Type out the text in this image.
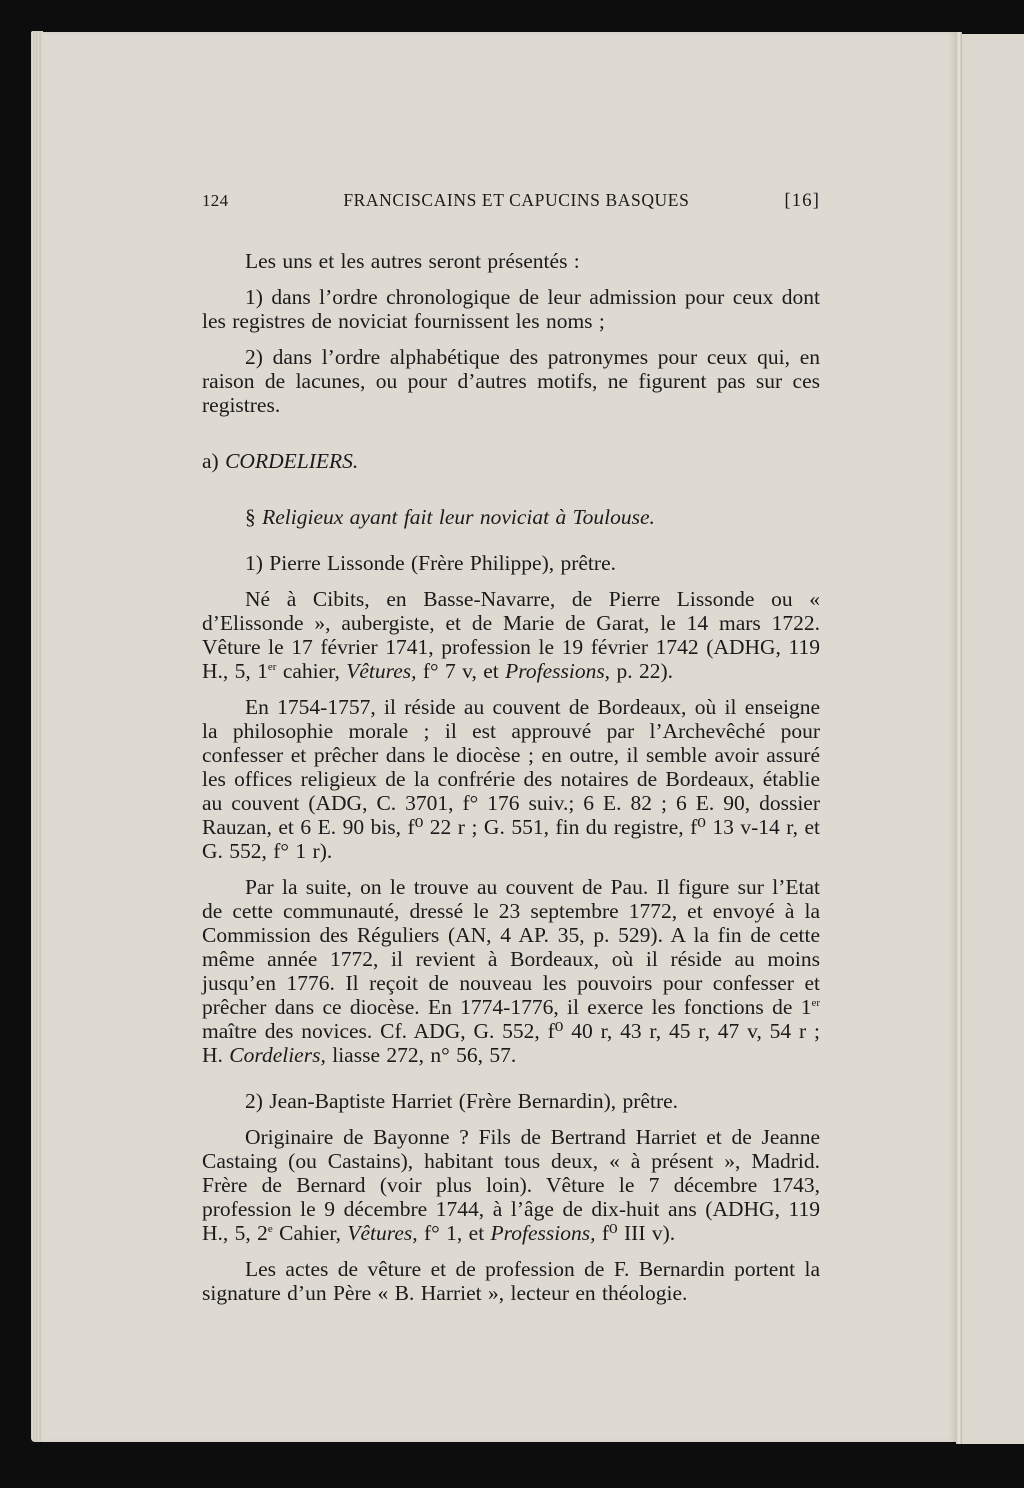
124	FRANCISCAINS ET CAPUCINS BASQUES	[16]

Les uns et les autres seront présentés :

1) dans l’ordre chronologique de leur admission pour ceux dont les registres de noviciat fournissent les noms ;

2) dans l’ordre alphabétique des patronymes pour ceux qui, en raison de lacunes, ou pour d’autres motifs, ne figurent pas sur ces registres.

a) CORDELIERS.

§ Religieux ayant fait leur noviciat à Toulouse.

1) Pierre Lissonde (Frère Philippe), prêtre.

Né à Cibits, en Basse-Navarre, de Pierre Lissonde ou « d’Elissonde », aubergiste, et de Marie de Garat, le 14 mars 1722. Vêture le 17 février 1741, profession le 19 février 1742 (ADHG, 119 H., 5, 1er cahier, Vêtures, f° 7 v, et Professions, p. 22).

En 1754-1757, il réside au couvent de Bordeaux, où il enseigne la philosophie morale ; il est approuvé par l’Archevêché pour confesser et prêcher dans le diocèse ; en outre, il semble avoir assuré les offices religieux de la confrérie des notaires de Bordeaux, établie au couvent (ADG, C. 3701, f° 176 suiv.; 6 E. 82 ; 6 E. 90, dossier Rauzan, et 6 E. 90 bis, f⁰ 22 r ; G. 551, fin du registre, f⁰ 13 v-14 r, et G. 552, f° 1 r).

Par la suite, on le trouve au couvent de Pau. Il figure sur l’Etat de cette communauté, dressé le 23 septembre 1772, et envoyé à la Commission des Réguliers (AN, 4 AP. 35, p. 529). A la fin de cette même année 1772, il revient à Bordeaux, où il réside au moins jusqu’en 1776. Il reçoit de nouveau les pouvoirs pour confesser et prêcher dans ce diocèse. En 1774-1776, il exerce les fonctions de 1er maître des novices. Cf. ADG, G. 552, f⁰ 40 r, 43 r, 45 r, 47 v, 54 r ; H. Cordeliers, liasse 272, n° 56, 57.

2) Jean-Baptiste Harriet (Frère Bernardin), prêtre.

Originaire de Bayonne ? Fils de Bertrand Harriet et de Jeanne Castaing (ou Castains), habitant tous deux, « à présent », Madrid. Frère de Bernard (voir plus loin). Vêture le 7 décembre 1743, profession le 9 décembre 1744, à l’âge de dix-huit ans (ADHG, 119 H., 5, 2e Cahier, Vêtures, f° 1, et Professions, f⁰ III v).

Les actes de vêture et de profession de F. Bernardin portent la signature d’un Père « B. Harriet », lecteur en théologie.
